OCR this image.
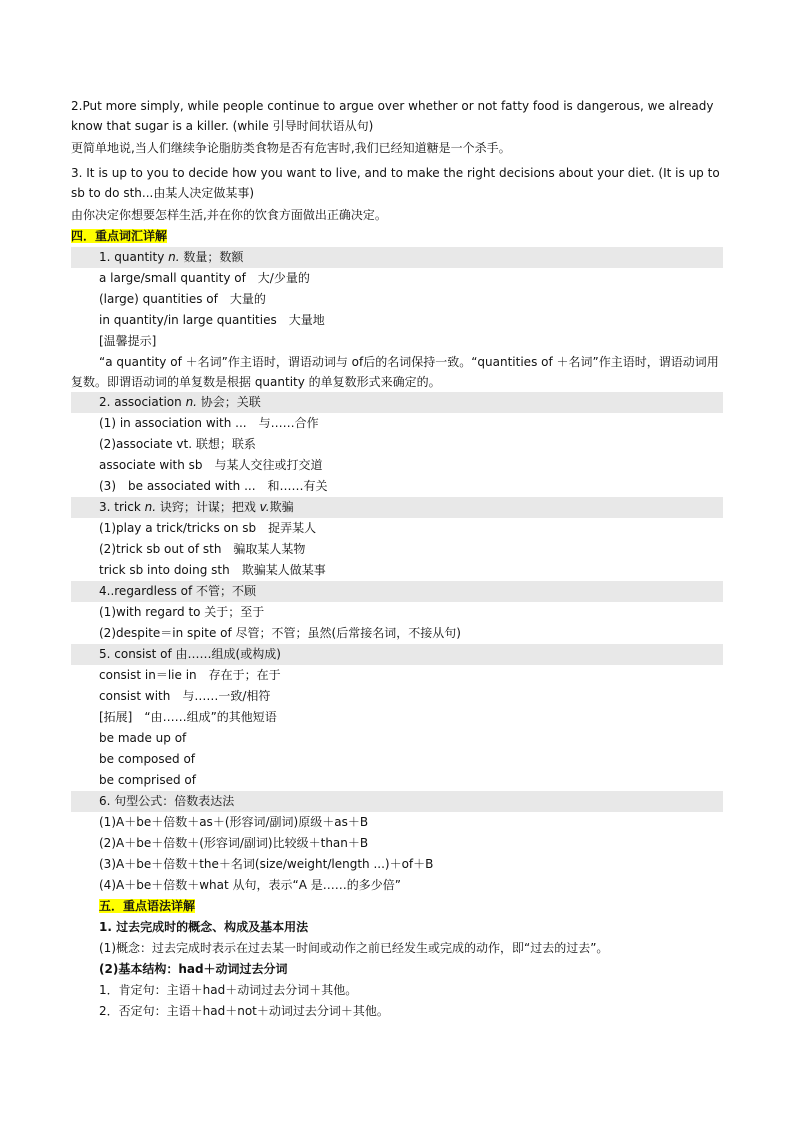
2.Put more simply, while people continue to argue over whether or not fatty food is dangerous, we already know that sugar is a killer. (while 引导时间状语从句)
更简单地说,当人们继续争论脂肪类食物是否有危害时,我们已经知道糖是一个杀手。
3. It is up to you to decide how you want to live, and to make the right decisions about your diet. (It is up to sb to do sth...由某人决定做某事)
由你决定你想要怎样生活,并在你的饮食方面做出正确决定。
四．重点词汇详解
1. quantity n. 数量；数额
a large/small quantity of　大/少量的
(large) quantities of　大量的
in quantity/in large quantities　大量地
[温馨提示]
“a quantity of ＋名词”作主语时，谓语动词与 of后的名词保持一致。“quantities of ＋名词”作主语时，谓语动词用复数。即谓语动词的单复数是根据 quantity 的单复数形式来确定的。
2. association n. 协会；关联
(1) in association with ...　与……合作
(2)associate vt. 联想；联系
associate with sb　与某人交往或打交道
(3)　be associated with ...　和……有关
3. trick n. 诀窍；计谋；把戏 v.欺骗
(1)play a trick/tricks on sb　捉弄某人
(2)trick sb out of sth　骗取某人某物
trick sb into doing sth　欺骗某人做某事
4..regardless of 不管；不顾
(1)with regard to 关于；至于
(2)despite＝in spite of 尽管；不管；虽然(后常接名词，不接从句)
5. consist of 由……组成(或构成)
consist in＝lie in　存在于；在于
consist with　与……一致/相符
[拓展]　“由……组成”的其他短语
be made up of
be composed of
be comprised of
6. 句型公式：倍数表达法
(1)A＋be＋倍数＋as＋(形容词/副词)原级＋as＋B
(2)A＋be＋倍数＋(形容词/副词)比较级＋than＋B
(3)A＋be＋倍数＋the＋名词(size/weight/length ...)＋of＋B
(4)A＋be＋倍数＋what 从句，表示“A 是……的多少倍”
五．重点语法详解
1. 过去完成时的概念、构成及基本用法
(1)概念：过去完成时表示在过去某一时间或动作之前已经发生或完成的动作，即“过去的过去”。
(2)基本结构：had＋动词过去分词
1．肯定句：主语＋had＋动词过去分词＋其他。
2．否定句：主语＋had＋not＋动词过去分词＋其他。
